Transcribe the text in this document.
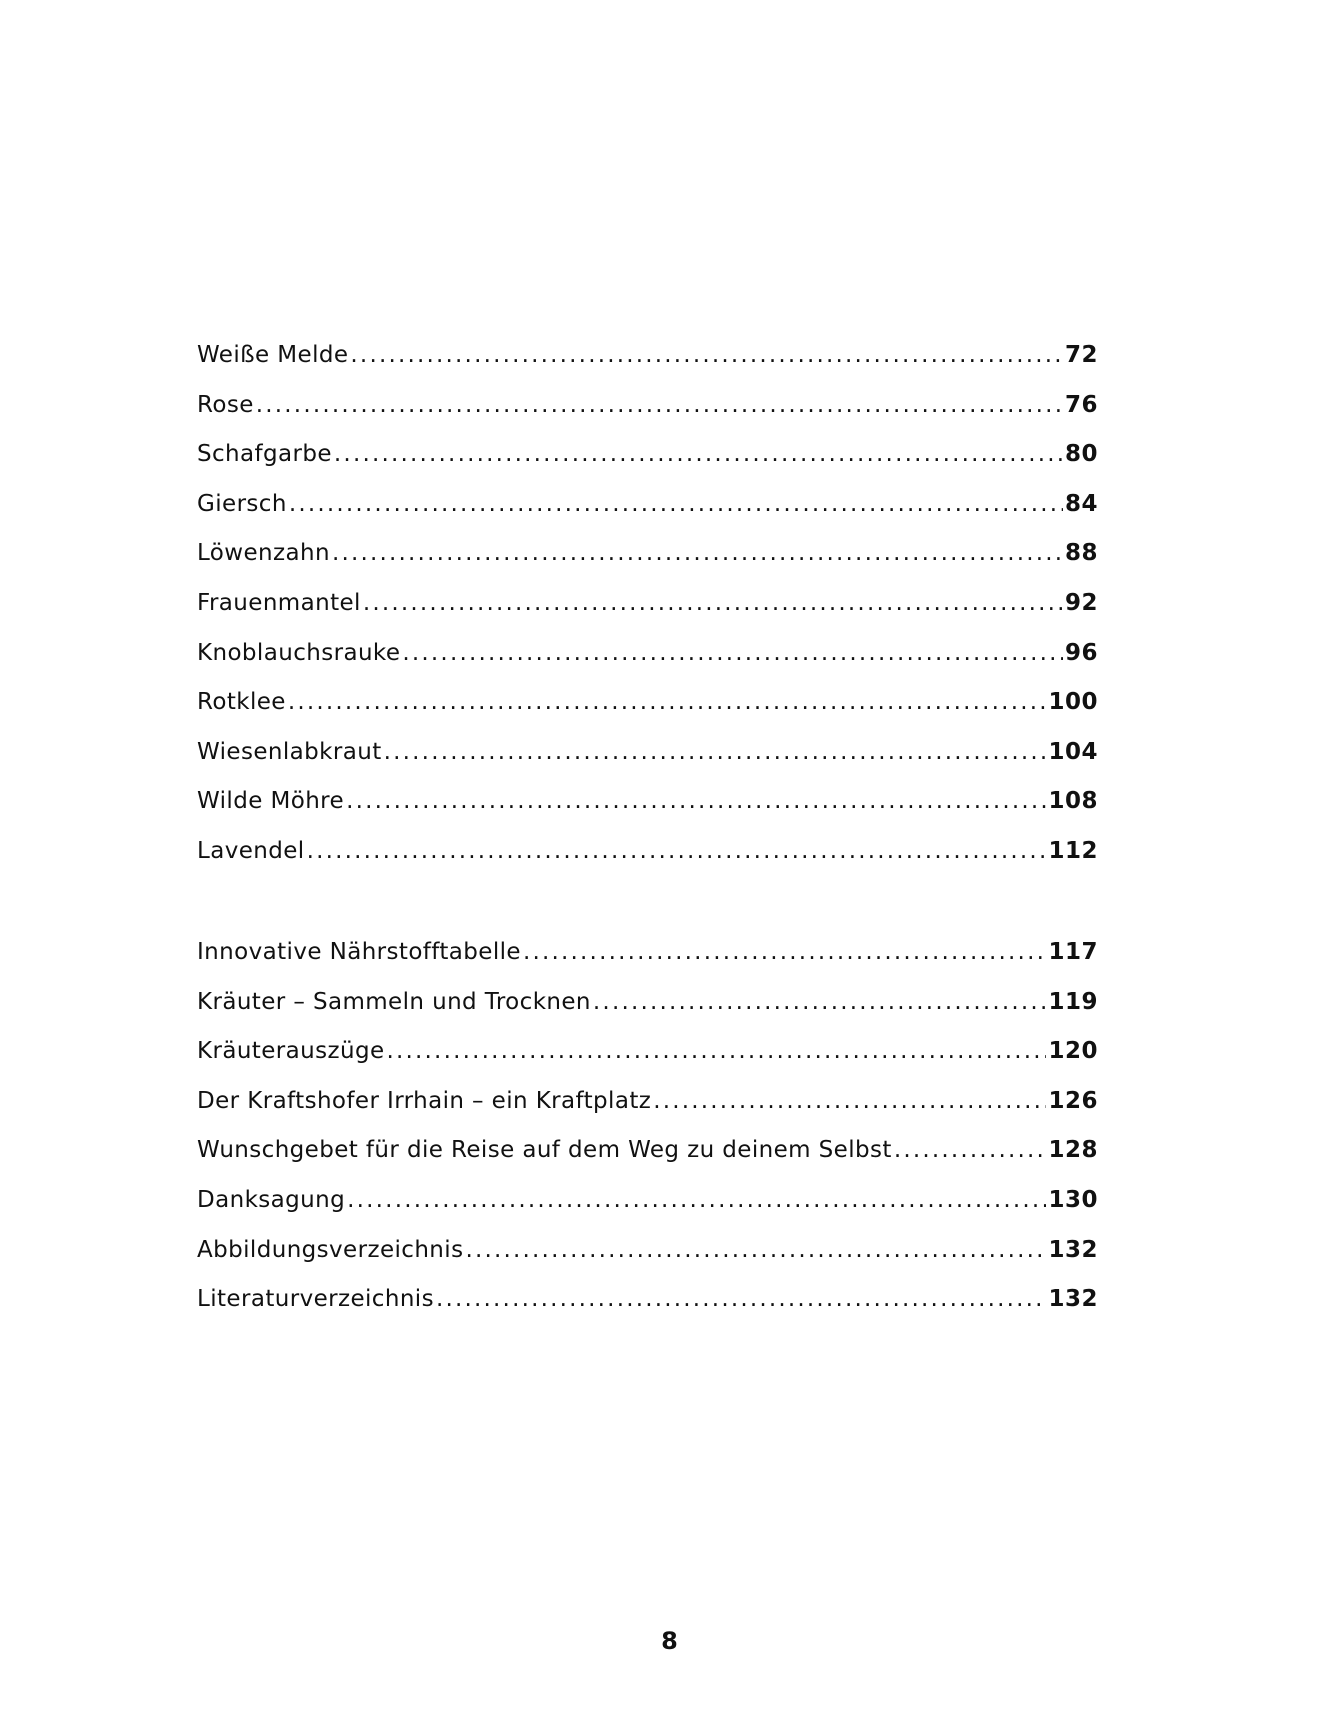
Weiße Melde .....	72
Rose .....	76
Schafgarbe .....	80
Giersch .....	84
Löwenzahn .....	88
Frauenmantel .....	92
Knoblauchsrauke .....	96
Rotklee .....	100
Wiesenlabkraut .....	104
Wilde Möhre .....	108
Lavendel .....	112
Innovative Nährstofftabelle .....	117
Kräuter – Sammeln und Trocknen .....	119
Kräuterauszüge .....	120
Der Kraftshofer Irrhain – ein Kraftplatz .....	126
Wunschgebet für die Reise auf dem Weg zu deinem Selbst .....	128
Danksagung .....	130
Abbildungsverzeichnis .....	132
Literaturverzeichnis .....	132
8
